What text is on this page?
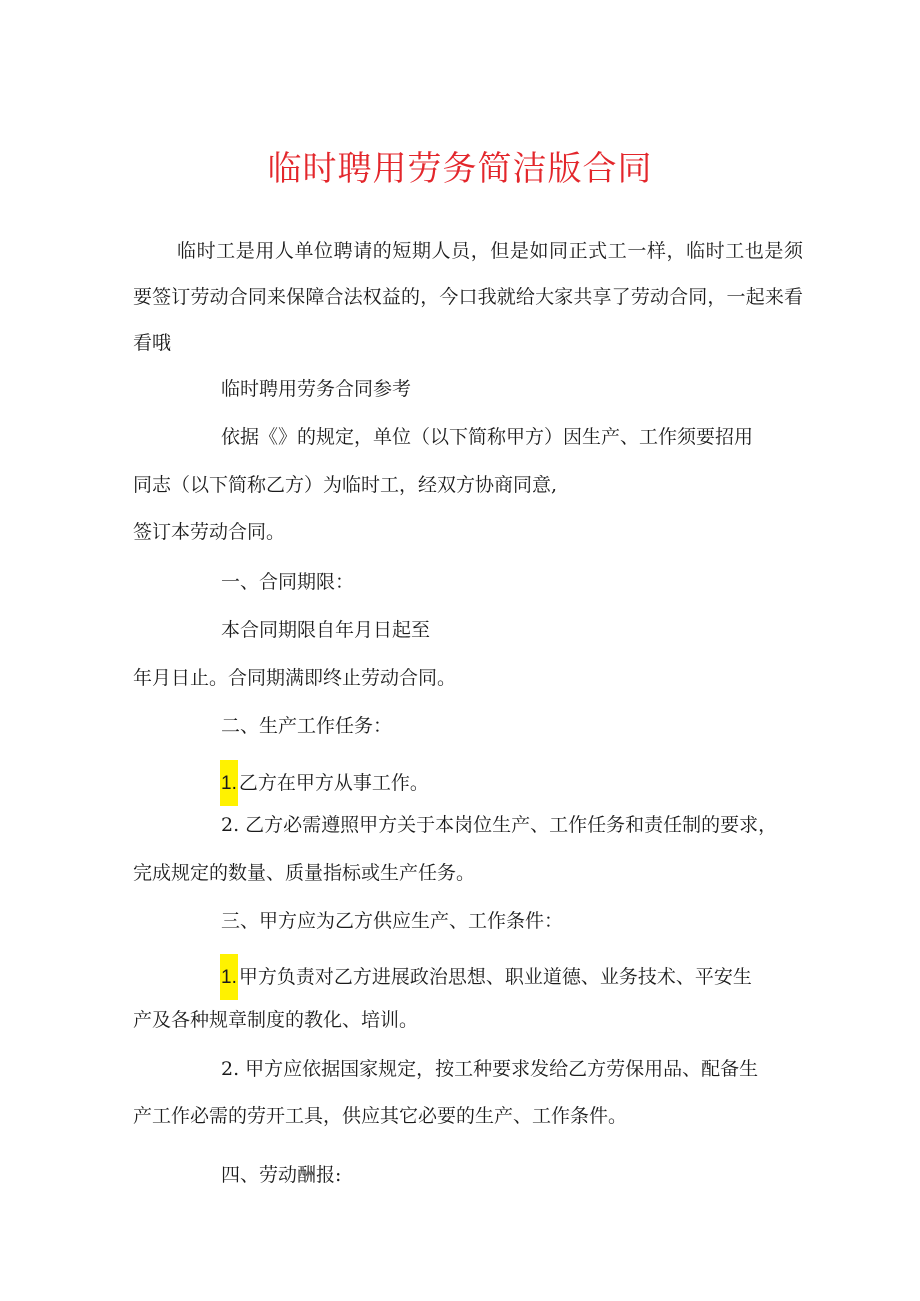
临时聘用劳务简洁版合同

临时工是用人单位聘请的短期人员，但是如同正式工一样，临时工也是须要签订劳动合同来保障合法权益的，今口我就给大家共享了劳动合同，一起来看看哦

临时聘用劳务合同参考
依据《》的规定，单位（以下简称甲方）因生产、工作须要招用
同志（以下简称乙方）为临时工，经双方协商同意,
签订本劳动合同。
一、合同期限：
本合同期限自年月日起至
年月日止。合同期满即终止劳动合同。
二、生产工作任务：
1. 乙方在甲方从事工作。
2. 乙方必需遵照甲方关于本岗位生产、工作任务和责任制的要求，
完成规定的数量、质量指标或生产任务。
三、甲方应为乙方供应生产、工作条件：
1. 甲方负责对乙方进展政治思想、职业道德、业务技术、平安生
产及各种规章制度的教化、培训。
2. 甲方应依据国家规定，按工种要求发给乙方劳保用品、配备生
产工作必需的劳开工具，供应其它必要的生产、工作条件。
四、劳动酬报:
